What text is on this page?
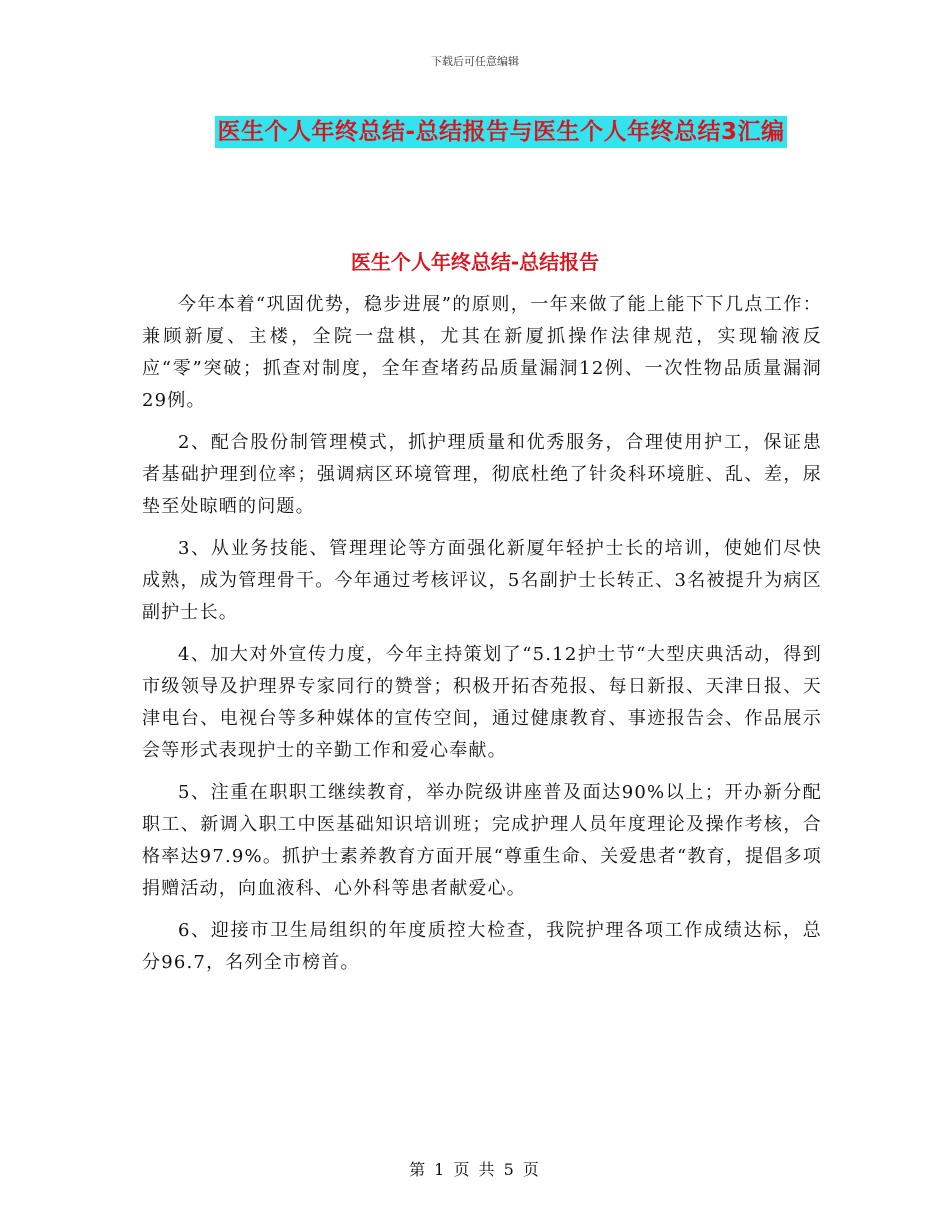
下载后可任意编辑
医生个人年终总结-总结报告与医生个人年终总结3汇编
医生个人年终总结-总结报告

今年本着“巩固优势，稳步进展”的原则，一年来做了能上能下下几点工作：兼顾新厦、主楼，全院一盘棋，尤其在新厦抓操作法律规范，实现输液反应“零”突破；抓查对制度，全年查堵药品质量漏洞12例、一次性物品质量漏洞29例。

2、配合股份制管理模式，抓护理质量和优秀服务，合理使用护工，保证患者基础护理到位率；强调病区环境管理，彻底杜绝了针灸科环境脏、乱、差，尿垫至处晾晒的问题。

3、从业务技能、管理理论等方面强化新厦年轻护士长的培训，使她们尽快成熟，成为管理骨干。今年通过考核评议，5名副护士长转正、3名被提升为病区副护士长。

4、加大对外宣传力度，今年主持策划了“5.12护士节“大型庆典活动，得到市级领导及护理界专家同行的赞誉；积极开拓杏苑报、每日新报、天津日报、天津电台、电视台等多种媒体的宣传空间，通过健康教育、事迹报告会、作品展示会等形式表现护士的辛勤工作和爱心奉献。

5、注重在职职工继续教育，举办院级讲座普及面达90%以上；开办新分配职工、新调入职工中医基础知识培训班；完成护理人员年度理论及操作考核，合格率达97.9%。抓护士素养教育方面开展“尊重生命、关爱患者“教育，提倡多项捐赠活动，向血液科、心外科等患者献爱心。

6、迎接市卫生局组织的年度质控大检查，我院护理各项工作成绩达标，总分96.7，名列全市榜首。

第 1 页 共 5 页
